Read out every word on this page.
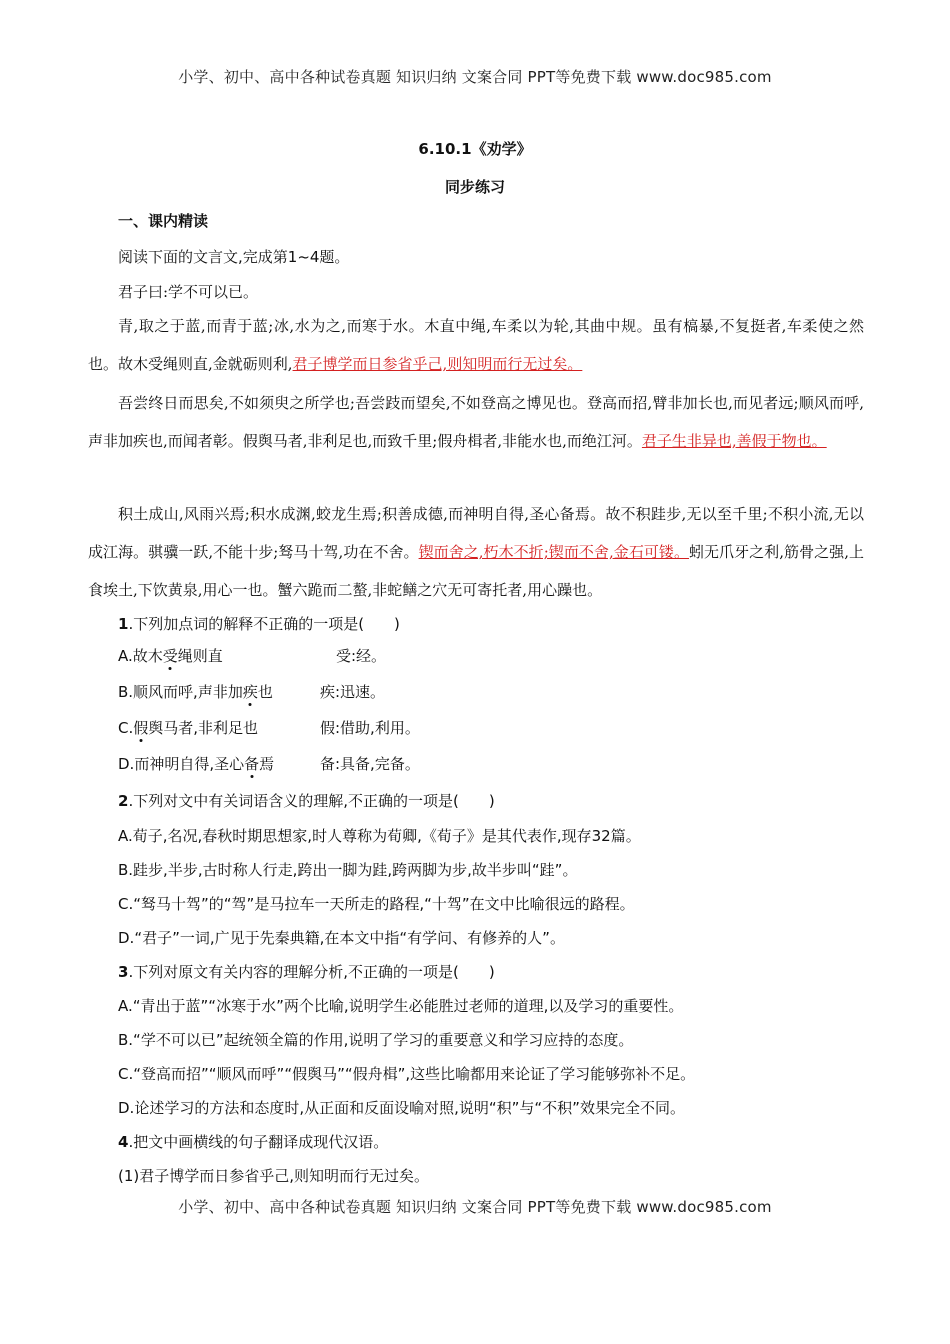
小学、初中、高中各种试卷真题 知识归纳 文案合同 PPT等免费下载 www.doc985.com
6.10.1《劝学》
同步练习
一、课内精读
阅读下面的文言文,完成第1~4题。
君子曰:学不可以已。
青,取之于蓝,而青于蓝;冰,水为之,而寒于水。木直中绳,车柔以为轮,其曲中规。虽有槁暴,不复挺者,车柔使之然也。故木受绳则直,金就砺则利,君子博学而日参省乎己,则知明而行无过矣。
吾尝终日而思矣,不如须臾之所学也;吾尝跂而望矣,不如登高之博见也。登高而招,臂非加长也,而见者远;顺风而呼,声非加疾也,而闻者彰。假舆马者,非利足也,而致千里;假舟楫者,非能水也,而绝江河。君子生非异也,善假于物也。
积土成山,风雨兴焉;积水成渊,蛟龙生焉;积善成德,而神明自得,圣心备焉。故不积跬步,无以至千里;不积小流,无以成江海。骐骥一跃,不能十步;驽马十驾,功在不舍。锲而舍之,朽木不折;锲而不舍,金石可镂。蚓无爪牙之利,筋骨之强,上食埃土,下饮黄泉,用心一也。蟹六跪而二螯,非蛇鳝之穴无可寄托者,用心躁也。
1.下列加点词的解释不正确的一项是(　　)
A.故木受绳则直	受:经。
B.顺风而呼,声非加疾也	疾:迅速。
C.假舆马者,非利足也	假:借助,利用。
D.而神明自得,圣心备焉	备:具备,完备。
2.下列对文中有关词语含义的理解,不正确的一项是(　　)
A.荀子,名况,春秋时期思想家,时人尊称为荀卿,《荀子》是其代表作,现存32篇。
B.跬步,半步,古时称人行走,跨出一脚为跬,跨两脚为步,故半步叫“跬”。
C.“驽马十驾”的“驾”是马拉车一天所走的路程,“十驾”在文中比喻很远的路程。
D.“君子”一词,广见于先秦典籍,在本文中指“有学问、有修养的人”。
3.下列对原文有关内容的理解分析,不正确的一项是(　　)
A.“青出于蓝”“冰寒于水”两个比喻,说明学生必能胜过老师的道理,以及学习的重要性。
B.“学不可以已”起统领全篇的作用,说明了学习的重要意义和学习应持的态度。
C.“登高而招”“顺风而呼”“假舆马”“假舟楫”,这些比喻都用来论证了学习能够弥补不足。
D.论述学习的方法和态度时,从正面和反面设喻对照,说明“积”与“不积”效果完全不同。
4.把文中画横线的句子翻译成现代汉语。
(1)君子博学而日参省乎己,则知明而行无过矣。
小学、初中、高中各种试卷真题 知识归纳 文案合同 PPT等免费下载 www.doc985.com
